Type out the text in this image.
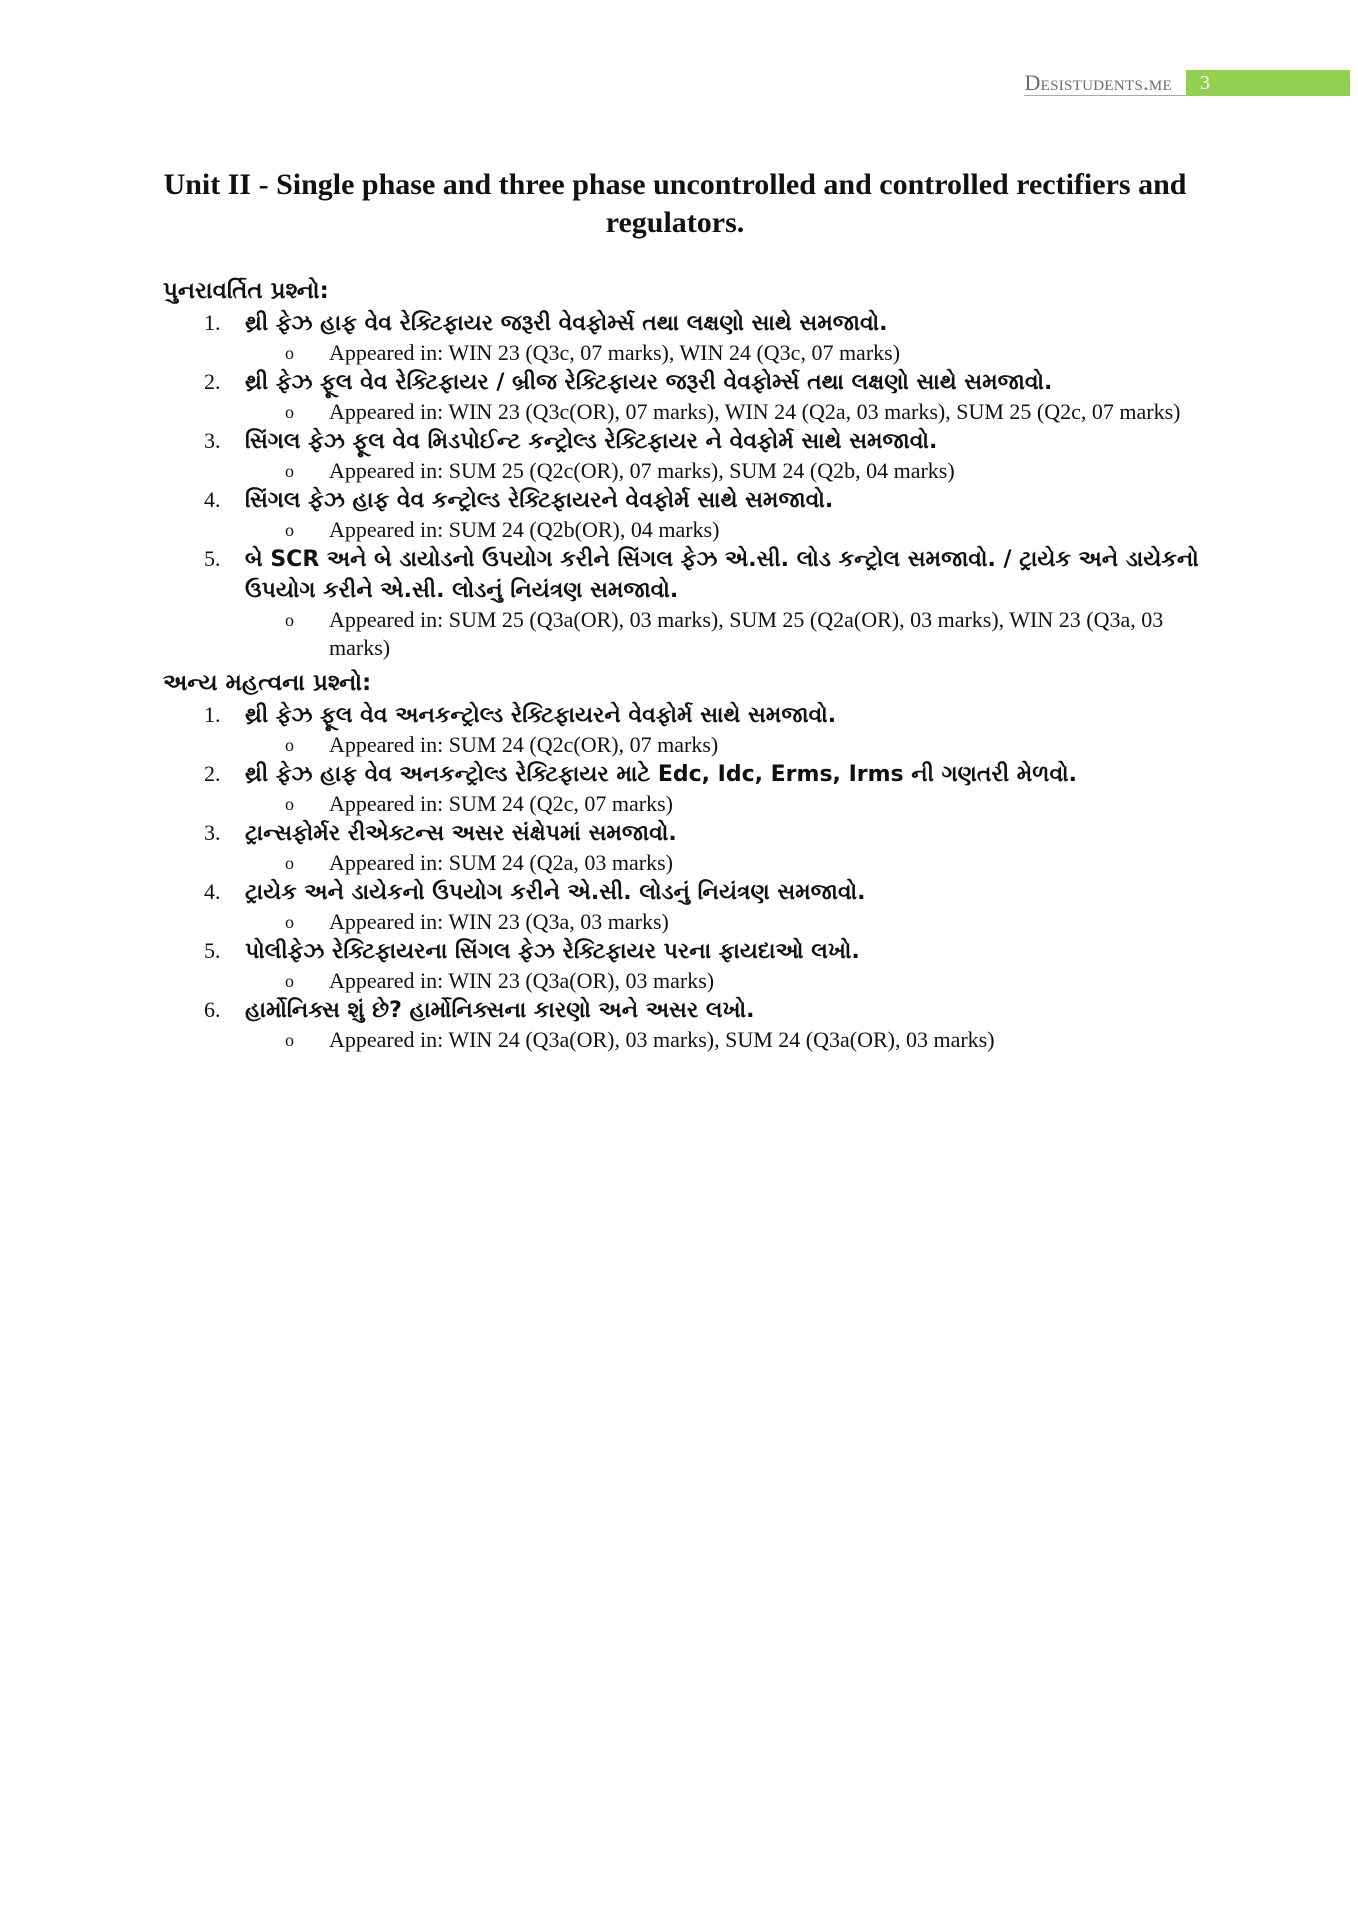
Desistudents.me	3
Unit II - Single phase and three phase uncontrolled and controlled rectifiers and regulators.
પુનરાવર્તિત પ્રશ્નો:
1.	થ્રી ફેઝ હાફ વેવ રેક્ટિફાયર જરૂરી વેવફોર્મ્સ તથા લક્ષણો સાથે સમજાવો.
o	Appeared in: WIN 23 (Q3c, 07 marks), WIN 24 (Q3c, 07 marks)
2.	થ્રી ફેઝ ફૂલ વેવ રેક્ટિફાયર / બ્રીજ રેક્ટિફાયર જરૂરી વેવફોર્મ્સ તથા લક્ષણો સાથે સમજાવો.
o	Appeared in: WIN 23 (Q3c(OR), 07 marks), WIN 24 (Q2a, 03 marks), SUM 25 (Q2c, 07 marks)
3.	સિંગલ ફેઝ ફૂલ વેવ મિડપોઈન્ટ કન્ટ્રોલ્ડ રેક્ટિફાયર ને વેવફોર્મ સાથે સમજાવો.
o	Appeared in: SUM 25 (Q2c(OR), 07 marks), SUM 24 (Q2b, 04 marks)
4.	સિંગલ ફેઝ હાફ વેવ કન્ટ્રોલ્ડ રેક્ટિફાયરને વેવફોર્મ સાથે સમજાવો.
o	Appeared in: SUM 24 (Q2b(OR), 04 marks)
5.	બે SCR અને બે ડાયોડનો ઉપયોગ કરીને સિંગલ ફેઝ એ.સી. લોડ કન્ટ્રોલ સમજાવો. / ટ્રાયેક અને ડાયેકનો ઉપયોગ કરીને એ.સી. લોડનું નિયંત્રણ સમજાવો.
o	Appeared in: SUM 25 (Q3a(OR), 03 marks), SUM 25 (Q2a(OR), 03 marks), WIN 23 (Q3a, 03 marks)
અન્ય મહત્વના પ્રશ્નો:
1.	થ્રી ફેઝ ફૂલ વેવ અનકન્ટ્રોલ્ડ રેક્ટિફાયરને વેવફોર્મ સાથે સમજાવો.
o	Appeared in: SUM 24 (Q2c(OR), 07 marks)
2.	થ્રી ફેઝ હાફ વેવ અનકન્ટ્રોલ્ડ રેક્ટિફાયર માટે Edc, Idc, Erms, Irms ની ગણતરી મેળવો.
o	Appeared in: SUM 24 (Q2c, 07 marks)
3.	ટ્રાન્સફોર્મર રીએક્ટન્સ અસર સંક્ષેપમાં સમજાવો.
o	Appeared in: SUM 24 (Q2a, 03 marks)
4.	ટ્રાયેક અને ડાયેકનો ઉપયોગ કરીને એ.સી. લોડનું નિયંત્રણ સમજાવો.
o	Appeared in: WIN 23 (Q3a, 03 marks)
5.	પોલીફેઝ રેક્ટિફાયરના સિંગલ ફેઝ રેક્ટિફાયર પરના ફાયદાઓ લખો.
o	Appeared in: WIN 23 (Q3a(OR), 03 marks)
6.	હાર્મોનિક્સ શું છે? હાર્મોનિક્સના કારણો અને અસર લખો.
o	Appeared in: WIN 24 (Q3a(OR), 03 marks), SUM 24 (Q3a(OR), 03 marks)
